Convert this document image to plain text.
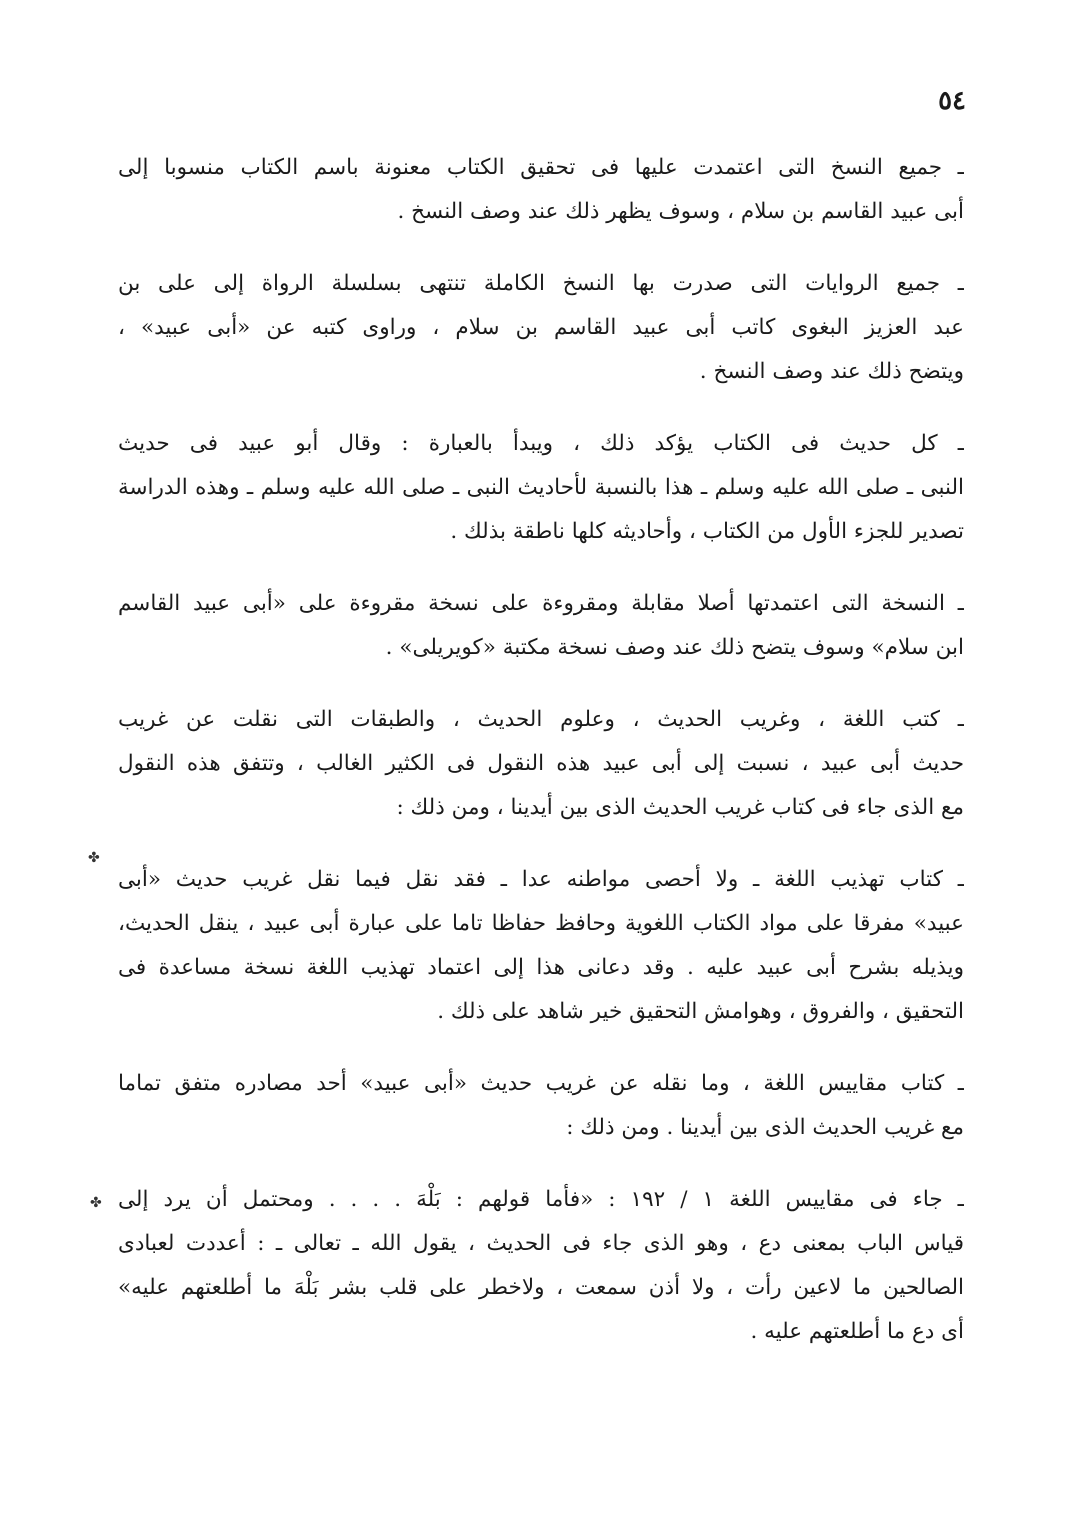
٥٤
ـ جميع النسخ التى اعتمدت عليها فى تحقيق الكتاب معنونة باسم الكتاب منسوبا إلى
أبى عبيد القاسم بن سلام ، وسوف يظهر ذلك عند وصف النسخ .
ـ جميع الروايات التى صدرت بها النسخ الكاملة تنتهى بسلسلة الرواة إلى على بن
عبد العزيز البغوى كاتب أبى عبيد القاسم بن سلام ، وراوى كتبه عن «أبى عبيد» ،
ويتضح ذلك عند وصف النسخ .
ـ كل حديث فى الكتاب يؤكد ذلك ، ويبدأ بالعبارة : وقال أبو عبيد فى حديث
النبى ـ صلى الله عليه وسلم ـ هذا بالنسبة لأحاديث النبى ـ صلى الله عليه وسلم ـ وهذه الدراسة
تصدير للجزء الأول من الكتاب ، وأحاديثه كلها ناطقة بذلك .
ـ النسخة التى اعتمدتها أصلا مقابلة ومقروءة على نسخة مقروءة على «أبى عبيد القاسم
ابن سلام» وسوف يتضح ذلك عند وصف نسخة مكتبة «كويريلى» .
ـ كتب اللغة ، وغريب الحديث ، وعلوم الحديث ، والطبقات التى نقلت عن غريب
حديث أبى عبيد ، نسبت إلى أبى عبيد هذه النقول فى الكثير الغالب ، وتتفق هذه النقول
مع الذى جاء فى كتاب غريب الحديث الذى بين أيدينا ، ومن ذلك :
ـ كتاب تهذيب اللغة ـ ولا أحصى مواطنه عدا ـ فقد نقل فيما نقل غريب حديث «أبى
عبيد» مفرقا على مواد الكتاب اللغوية وحافظ حفاظا تاما على عبارة أبى عبيد ، ينقل الحديث،
ويذيله بشرح أبى عبيد عليه . وقد دعانى هذا إلى اعتماد تهذيب اللغة نسخة مساعدة فى
التحقيق ، والفروق ، وهوامش التحقيق خير شاهد على ذلك .
ـ كتاب مقاييس اللغة ، وما نقله عن غريب حديث «أبى عبيد» أحد مصادره متفق تماما
مع غريب الحديث الذى بين أيدينا . ومن ذلك :
ـ جاء فى مقاييس اللغة ١ / ١٩٢ : «فأما قولهم : بَلْهَ . . . . ومحتمل أن يرد إلى
قياس الباب بمعنى دع ، وهو الذى جاء فى الحديث ، يقول الله ـ تعالى ـ : أعددت لعبادى
الصالحين ما لاعين رأت ، ولا أذن سمعت ، ولاخطر على قلب بشر بَلْهَ ما أطلعتهم عليه»
أى دع ما أطلعتهم عليه .
✤
✤
